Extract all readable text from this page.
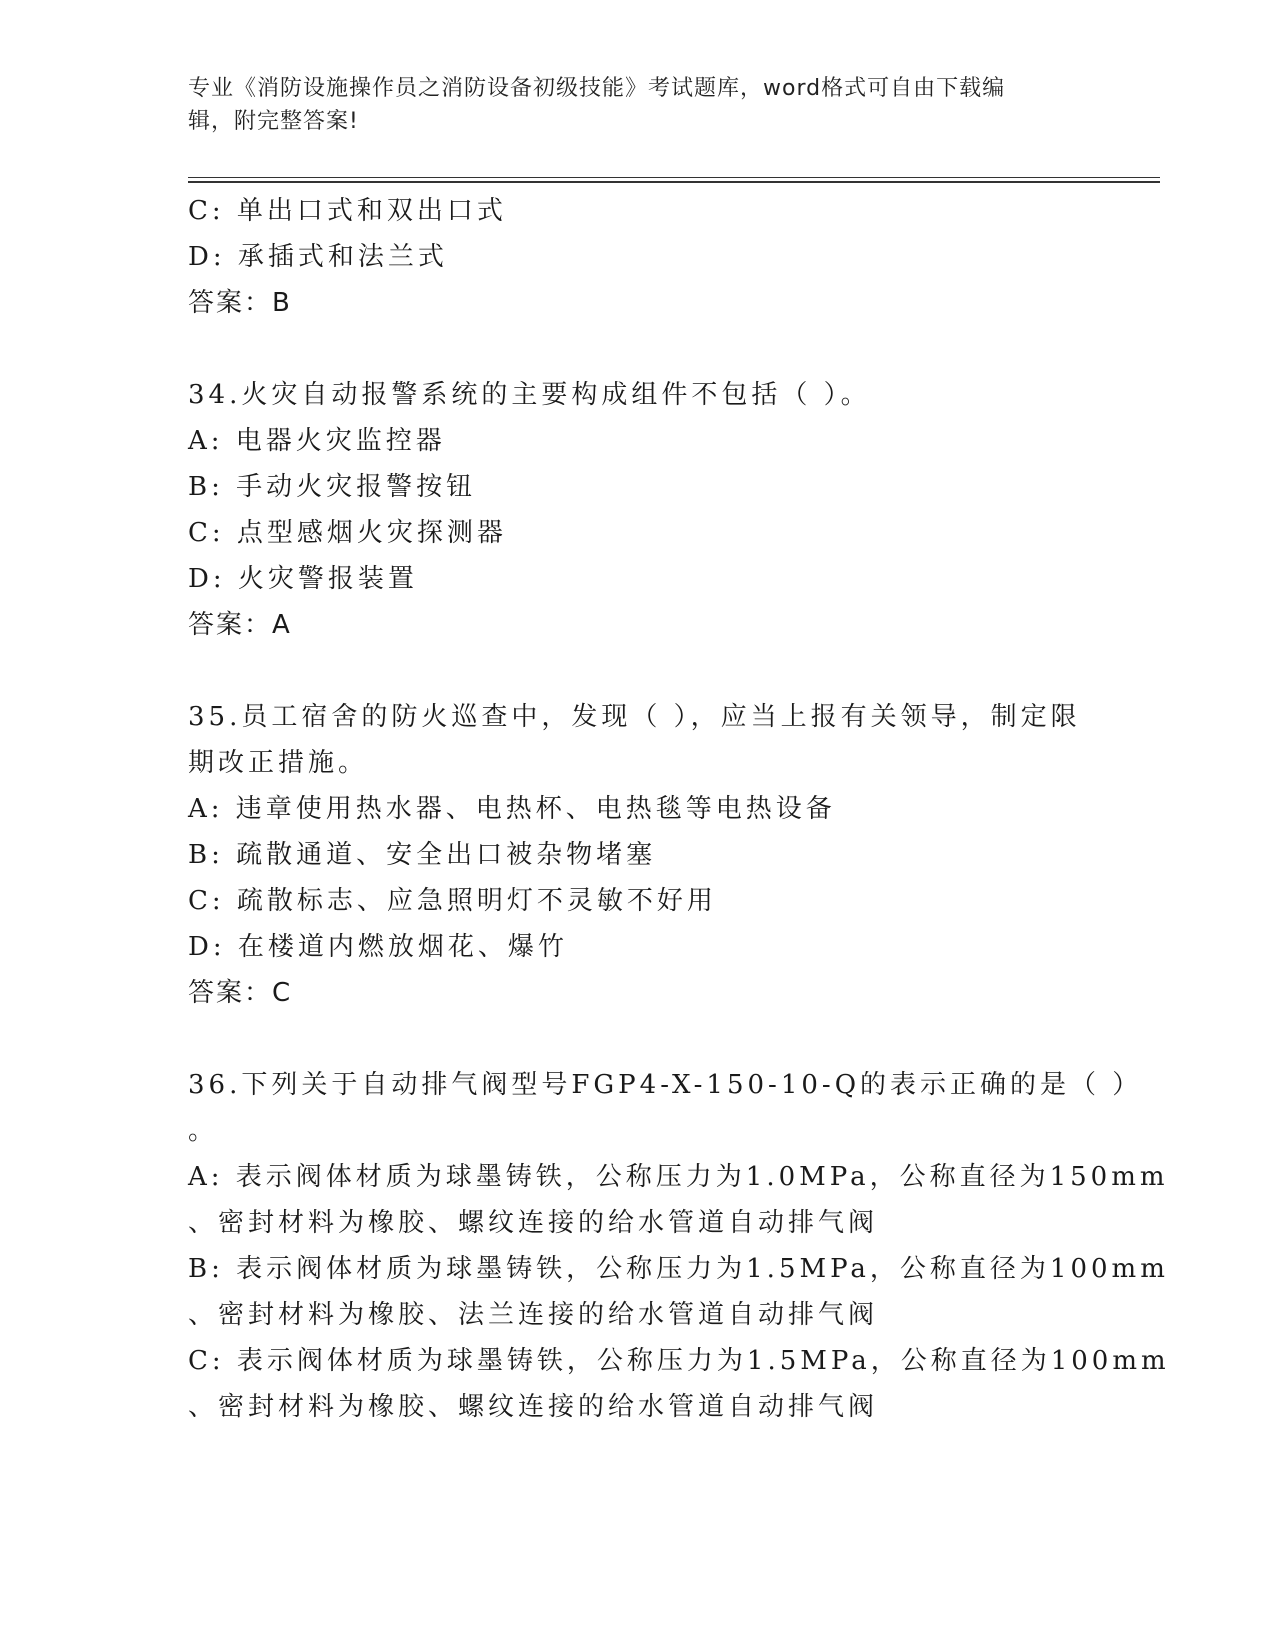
专业《消防设施操作员之消防设备初级技能》考试题库，word格式可自由下载编
辑，附完整答案!
C: 单出口式和双出口式
D: 承插式和法兰式
答案：B
34.火灾自动报警系统的主要构成组件不包括（ ）。
A: 电器火灾监控器
B: 手动火灾报警按钮
C: 点型感烟火灾探测器
D: 火灾警报装置
答案：A
35.员工宿舍的防火巡查中，发现（ ），应当上报有关领导，制定限
期改正措施。
A: 违章使用热水器、电热杯、电热毯等电热设备
B: 疏散通道、安全出口被杂物堵塞
C: 疏散标志、应急照明灯不灵敏不好用
D: 在楼道内燃放烟花、爆竹
答案：C
36.下列关于自动排气阀型号FGP4-X-150-10-Q的表示正确的是（ ）
。
A: 表示阀体材质为球墨铸铁，公称压力为1.0MPa，公称直径为150mm
、密封材料为橡胶、螺纹连接的给水管道自动排气阀
B: 表示阀体材质为球墨铸铁，公称压力为1.5MPa，公称直径为100mm
、密封材料为橡胶、法兰连接的给水管道自动排气阀
C: 表示阀体材质为球墨铸铁，公称压力为1.5MPa，公称直径为100mm
、密封材料为橡胶、螺纹连接的给水管道自动排气阀
